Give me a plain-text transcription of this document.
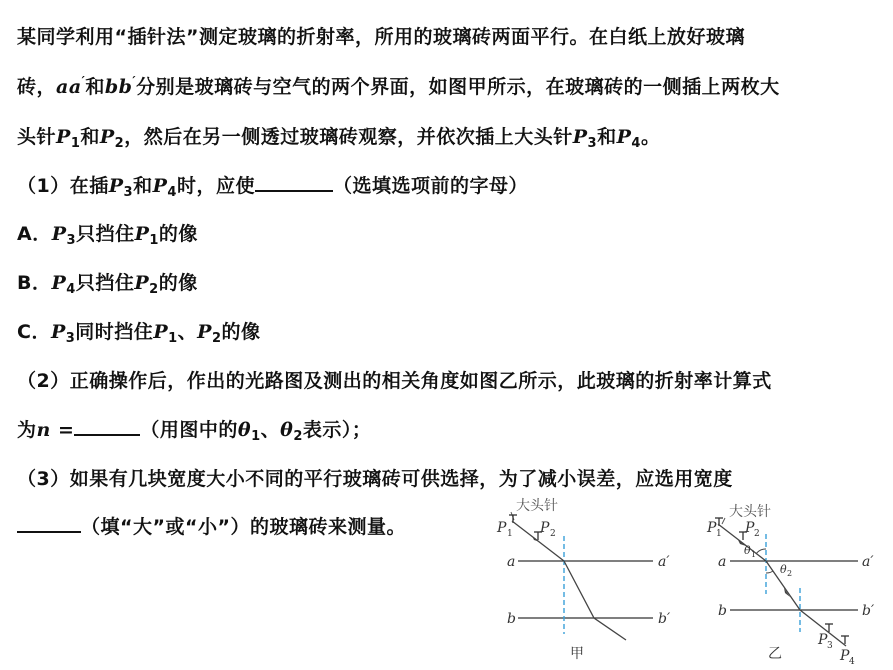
某同学利用“插针法”测定玻璃的折射率，所用的玻璃砖两面平行。在白纸上放好玻璃
砖，aa′和bb′分别是玻璃砖与空气的两个界面，如图甲所示，在玻璃砖的一侧插上两枚大
头针$P_1$和$P_2$，然后在另一侧透过玻璃砖观察，并依次插上大头针$P_3$和$P_4$。
（1）在插$P_3$和$P_4$时，应使	（选填选项前的字母）
A．$P_3$只挡住$P_1$的像
B．$P_4$只挡住$P_2$的像
C．$P_3$同时挡住$P_1$、$P_2$的像
（2）正确操作后，作出的光路图及测出的相关角度如图乙所示，此玻璃的折射率计算式
为n =	（用图中的$\theta_1$、$\theta_2$表示）；
（3）如果有几块宽度大小不同的平行玻璃砖可供选择，为了减小误差，应选用宽度
（填“大”或“小”）的玻璃砖来测量。
大头针
P 1 P 2
a	a′
b	b′
甲
大头针
P 1 P 2
P 3
P 4
a	a′
b	b′
θ 1
θ 2
乙
